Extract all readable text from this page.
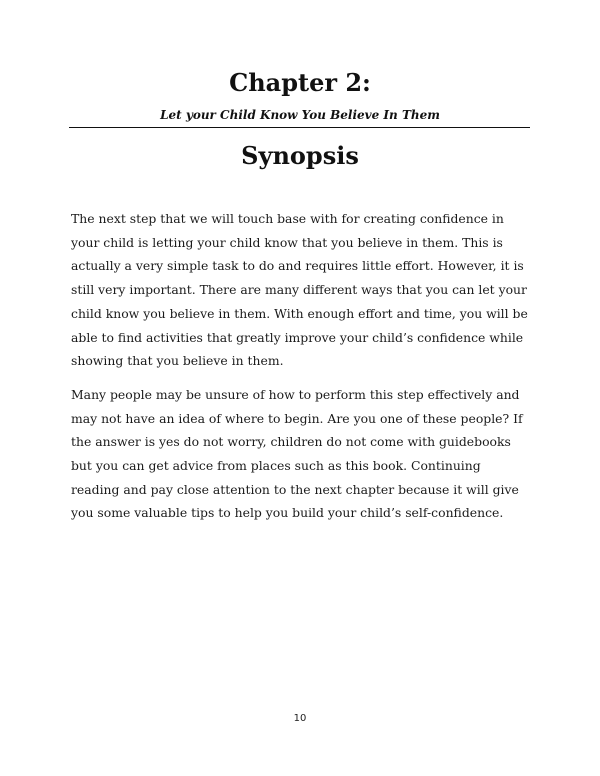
Chapter 2:
Let your Child Know You Believe In Them
Synopsis

The next step that we will touch base with for creating confidence in your child is letting your child know that you believe in them. This is actually a very simple task to do and requires little effort. However, it is still very important. There are many different ways that you can let your child know you believe in them. With enough effort and time, you will be able to find activities that greatly improve your child’s confidence while showing that you believe in them.

Many people may be unsure of how to perform this step effectively and may not have an idea of where to begin. Are you one of these people? If the answer is yes do not worry, children do not come with guidebooks but you can get advice from places such as this book. Continuing reading and pay close attention to the next chapter because it will give you some valuable tips to help you build your child’s self-confidence.

10
